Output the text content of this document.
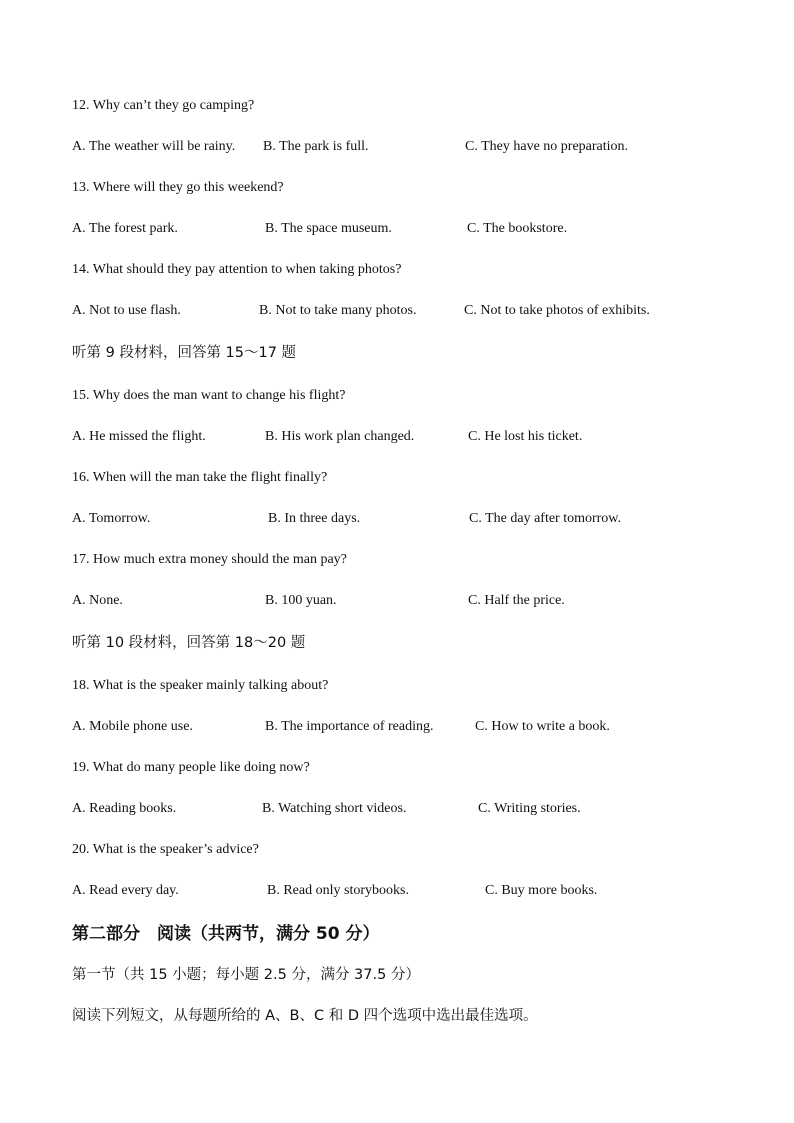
12. Why can’t they go camping?
A. The weather will be rainy. B. The park is full.	C. They have no preparation.
13. Where will they go this weekend?
A. The forest park.	B. The space museum.	C. The bookstore.
14. What should they pay attention to when taking photos?
A. Not to use flash.	B. Not to take many photos.	C. Not to take photos of exhibits.
听第 9 段材料，回答第 15～17 题
15. Why does the man want to change his flight?
A. He missed the flight.	B. His work plan changed.	C. He lost his ticket.
16. When will the man take the flight finally?
A. Tomorrow.	B. In three days.	C. The day after tomorrow.
17. How much extra money should the man pay?
A. None.	B. 100 yuan.	C. Half the price.
听第 10 段材料，回答第 18～20 题
18. What is the speaker mainly talking about?
A. Mobile phone use.	B. The importance of reading.	C. How to write a book.
19. What do many people like doing now?
A. Reading books.	B. Watching short videos.	C. Writing stories.
20. What is the speaker’s advice?
A. Read every day.	B. Read only storybooks.	C. Buy more books.
第二部分　阅读（共两节，满分 50 分）
第一节（共 15 小题；每小题 2.5 分，满分 37.5 分）
阅读下列短文，从每题所给的 A、B、C 和 D 四个选项中选出最佳选项。
